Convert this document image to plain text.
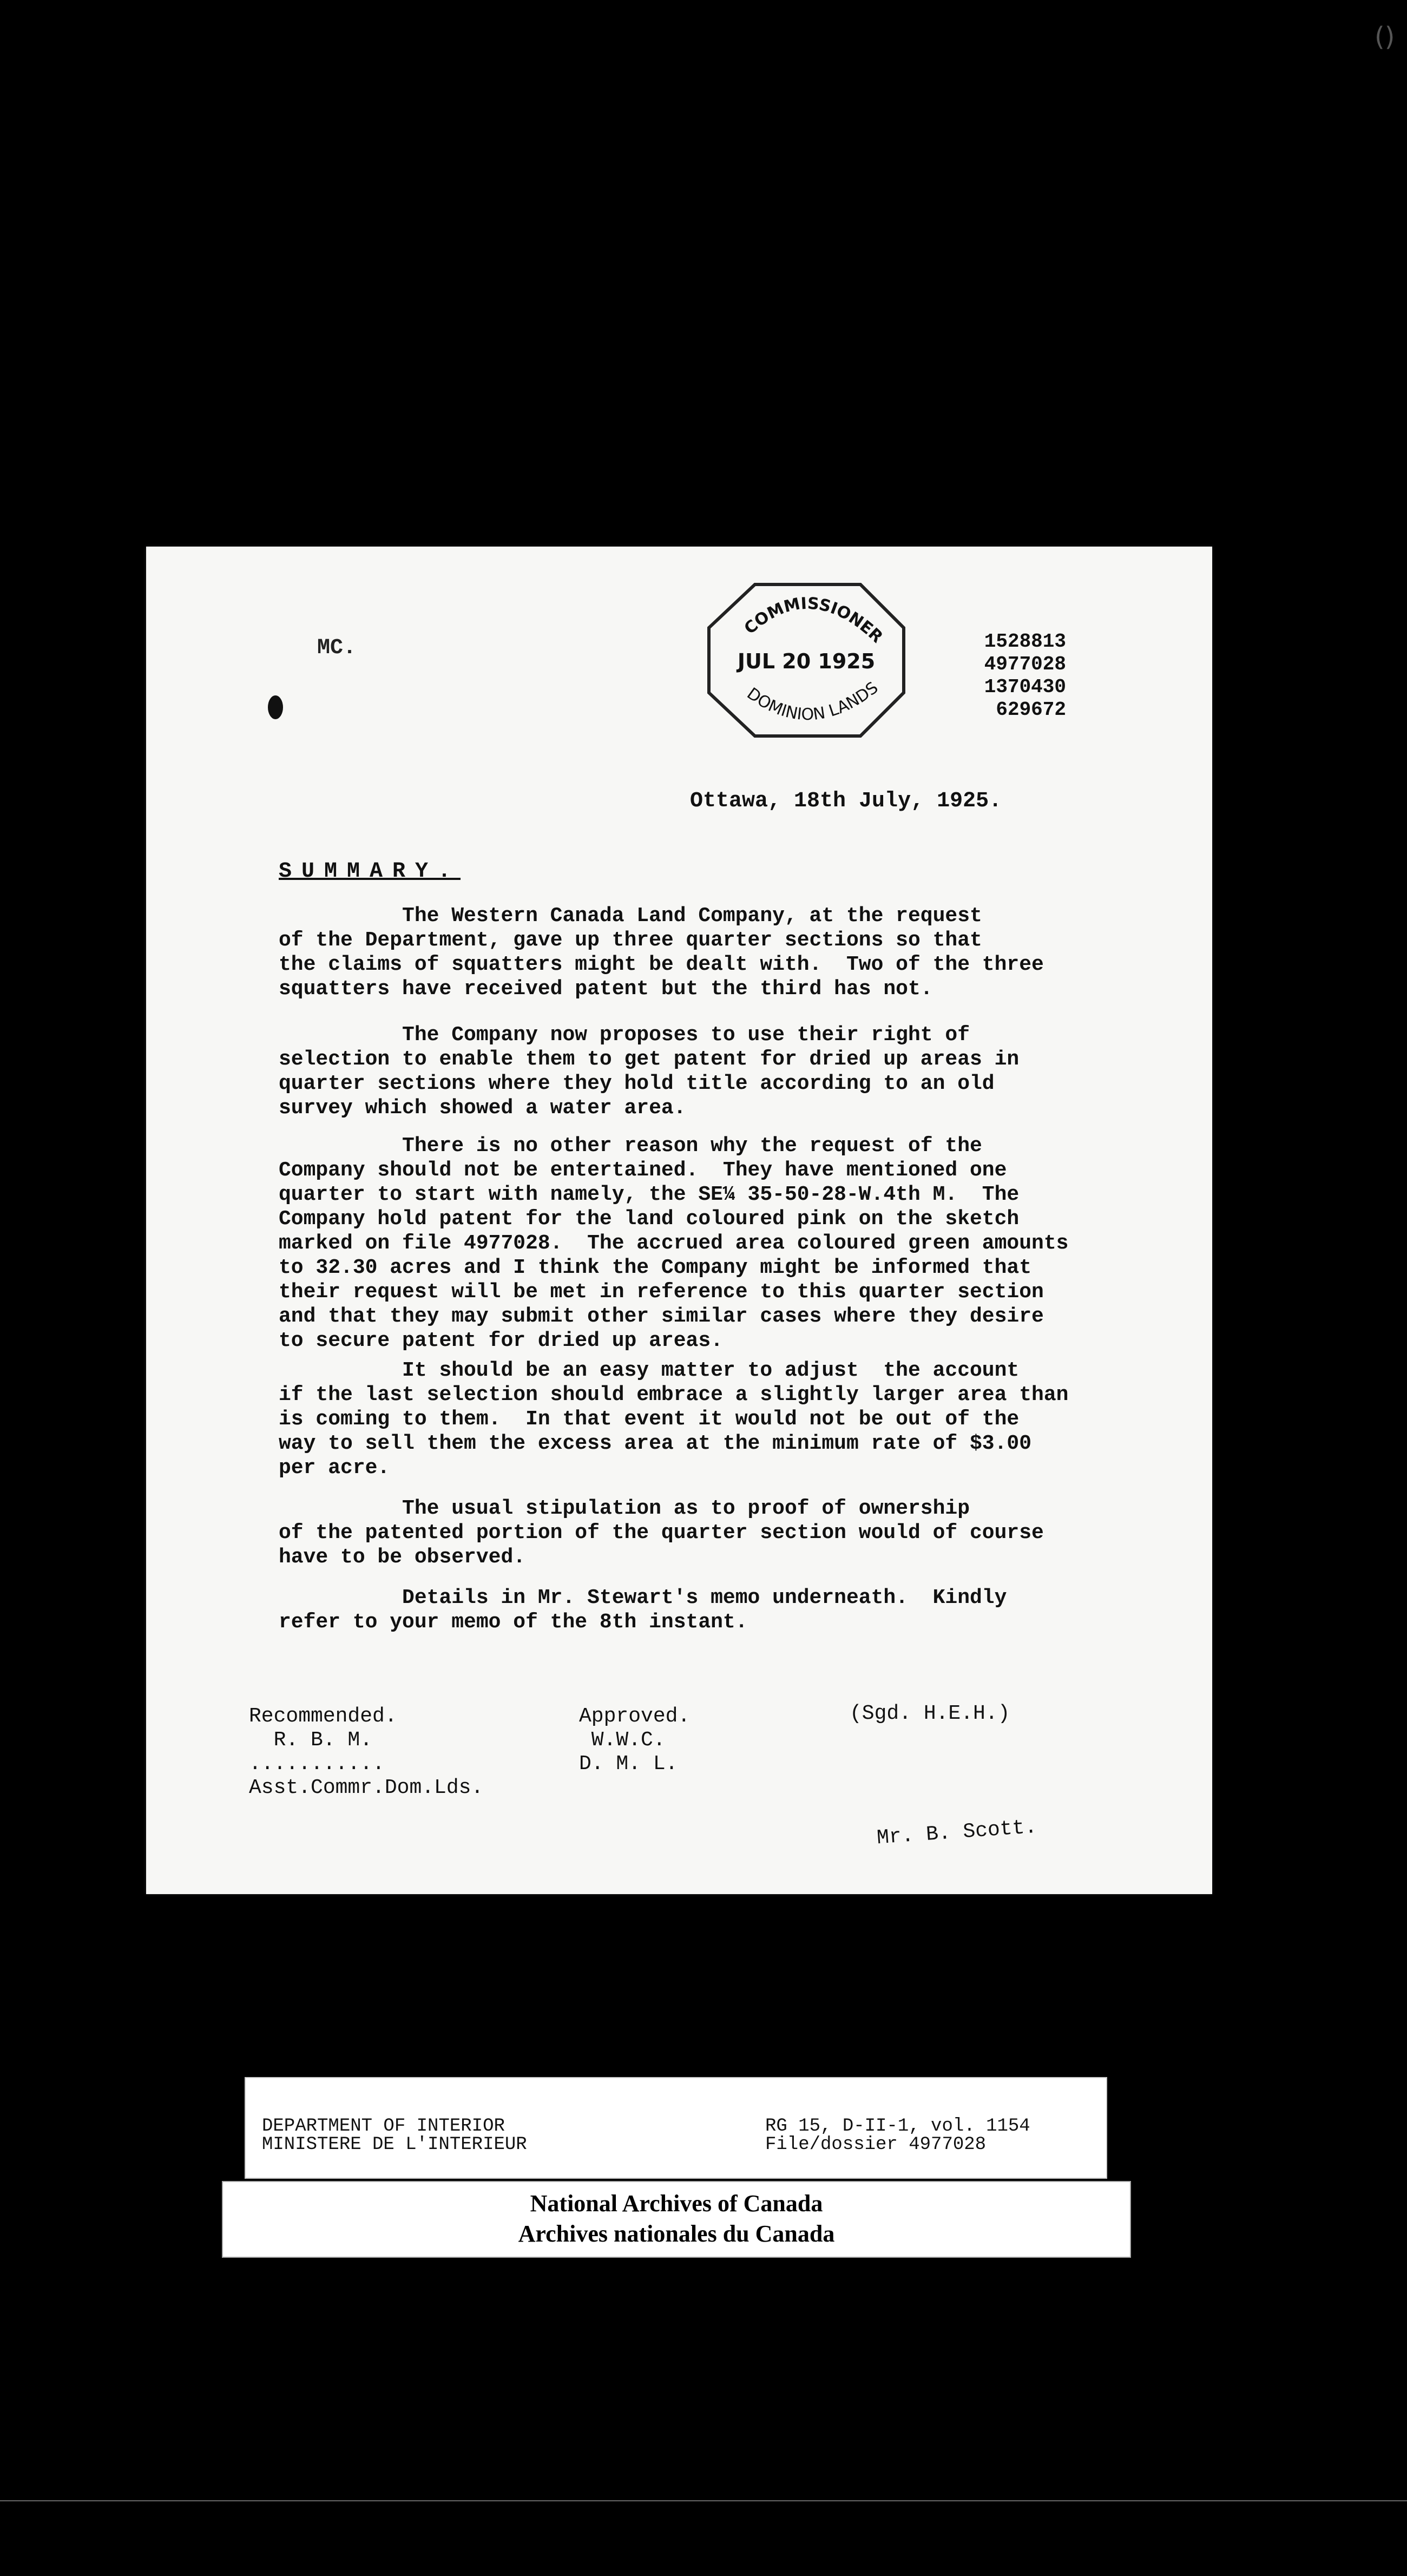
()
MC.
COMMISSIONER
JUL 20 1925
DOMINION LANDS
1528813
4977028
1370430
629672
Ottawa, 18th July, 1925.
SUMMARY.
The Western Canada Land Company, at the request
of the Department, gave up three quarter sections so that
the claims of squatters might be dealt with.  Two of the three
squatters have received patent but the third has not.
The Company now proposes to use their right of
selection to enable them to get patent for dried up areas in
quarter sections where they hold title according to an old
survey which showed a water area.
There is no other reason why the request of the
Company should not be entertained.  They have mentioned one
quarter to start with namely, the SE¼ 35-50-28-W.4th M.  The
Company hold patent for the land coloured pink on the sketch
marked on file 4977028.  The accrued area coloured green amounts
to 32.30 acres and I think the Company might be informed that
their request will be met in reference to this quarter section
and that they may submit other similar cases where they desire
to secure patent for dried up areas.
It should be an easy matter to adjust  the account
if the last selection should embrace a slightly larger area than
is coming to them.  In that event it would not be out of the
way to sell them the excess area at the minimum rate of $3.00
per acre.
The usual stipulation as to proof of ownership
of the patented portion of the quarter section would of course
have to be observed.
Details in Mr. Stewart's memo underneath.  Kindly
refer to your memo of the 8th instant.
Recommended.
R. B. M.
...........
Asst.Commr.Dom.Lds.
Approved.
W.W.C.
D. M. L.
(Sgd. H.E.H.)
Mr. B. Scott.
DEPARTMENT OF INTERIOR
MINISTERE DE L'INTERIEUR
RG 15, D-II-1, vol. 1154
File/dossier 4977028
National Archives of Canada
Archives nationales du Canada
